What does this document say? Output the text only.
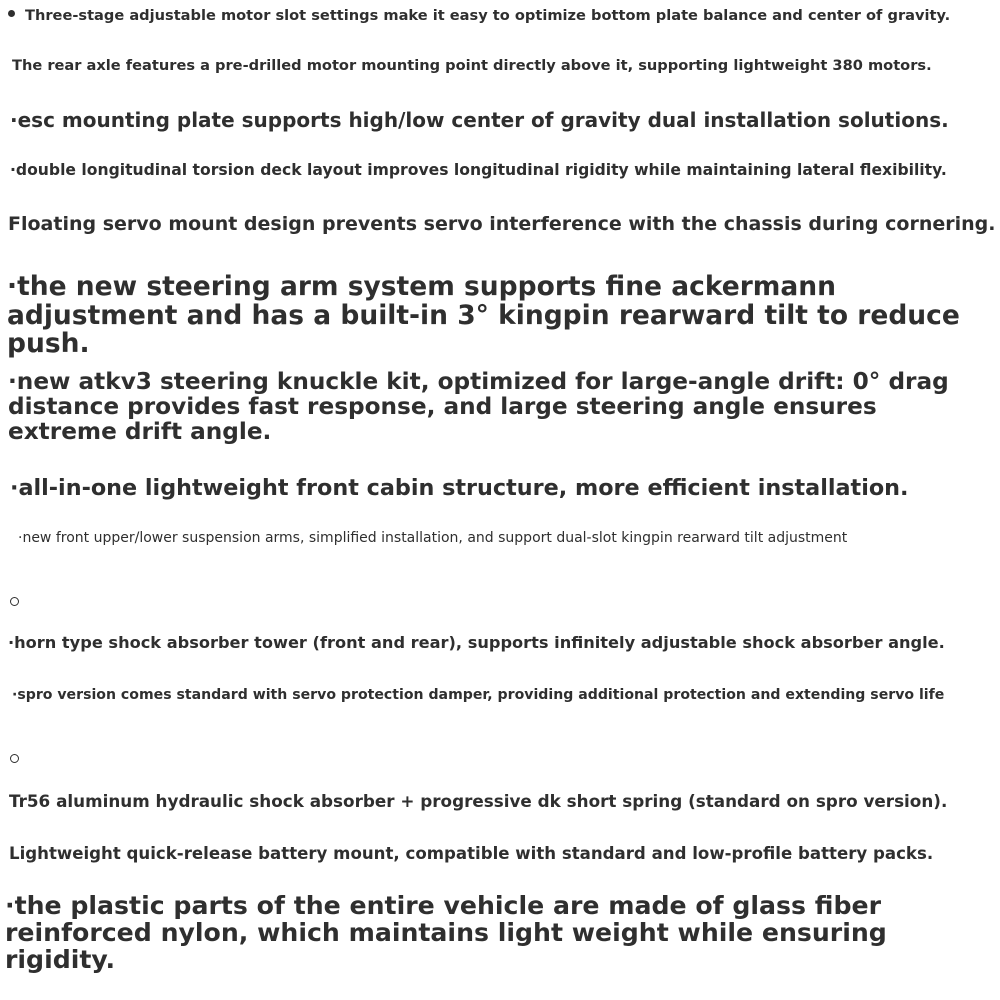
Three-stage adjustable motor slot settings make it easy to optimize bottom plate balance and center of gravity.
The rear axle features a pre-drilled motor mounting point directly above it, supporting lightweight 380 motors.
·esc mounting plate supports high/low center of gravity dual installation solutions.
·double longitudinal torsion deck layout improves longitudinal rigidity while maintaining lateral flexibility.
Floating servo mount design prevents servo interference with the chassis during cornering.
·the new steering arm system supports fine ackermann adjustment and has a built-in 3° kingpin rearward tilt to reduce push.
·new atkv3 steering knuckle kit, optimized for large-angle drift: 0° drag distance provides fast response, and large steering angle ensures extreme drift angle.
·all-in-one lightweight front cabin structure, more efficient installation.
·new front upper/lower suspension arms, simplified installation, and support dual-slot kingpin rearward tilt adjustment
·horn type shock absorber tower (front and rear), supports infinitely adjustable shock absorber angle.
·spro version comes standard with servo protection damper, providing additional protection and extending servo life
Tr56 aluminum hydraulic shock absorber + progressive dk short spring (standard on spro version).
Lightweight quick-release battery mount, compatible with standard and low-profile battery packs.
·the plastic parts of the entire vehicle are made of glass fiber reinforced nylon, which maintains light weight while ensuring rigidity.
